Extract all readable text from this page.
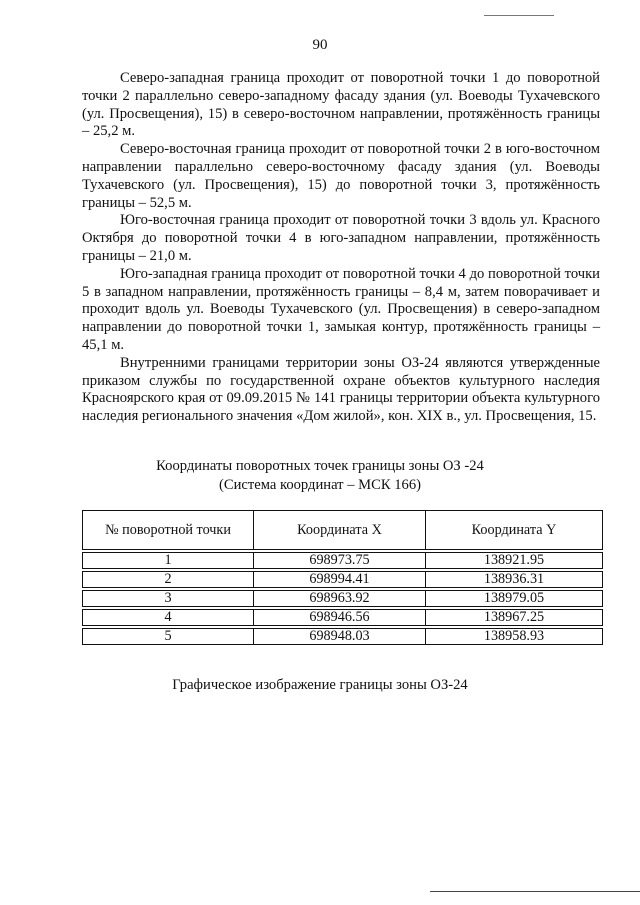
90

Северо-западная граница проходит от поворотной точки 1 до поворотной точки 2 параллельно северо-западному фасаду здания (ул. Воеводы Тухачевского (ул. Просвещения), 15) в северо-восточном направлении, протяжённость границы – 25,2 м.

Северо-восточная граница проходит от поворотной точки 2 в юго-восточном направлении параллельно северо-восточному фасаду здания (ул. Воеводы Тухачевского (ул. Просвещения), 15) до поворотной точки 3, протяжённость границы – 52,5 м.

Юго-восточная граница проходит от поворотной точки 3 вдоль ул. Красного Октября до поворотной точки 4 в юго-западном направлении, протяжённость границы – 21,0 м.

Юго-западная граница проходит от поворотной точки 4 до поворотной точки 5 в западном направлении, протяжённость границы – 8,4 м, затем поворачивает и проходит вдоль ул. Воеводы Тухачевского (ул. Просвещения) в северо-западном направлении до поворотной точки 1, замыкая контур, протяжённость границы – 45,1 м.

Внутренними границами территории зоны ОЗ-24 являются утвержденные приказом службы по государственной охране объектов культурного наследия Красноярского края от 09.09.2015 № 141 границы территории объекта культурного наследия регионального значения «Дом жилой», кон. XIX в., ул. Просвещения, 15.

Координаты поворотных точек границы зоны ОЗ -24
(Система координат – МСК 166)
№ поворотной точки	Координата X	Координата Y
1	698973.75	138921.95
2	698994.41	138936.31
3	698963.92	138979.05
4	698946.56	138967.25
5	698948.03	138958.93
Графическое изображение границы зоны ОЗ-24
